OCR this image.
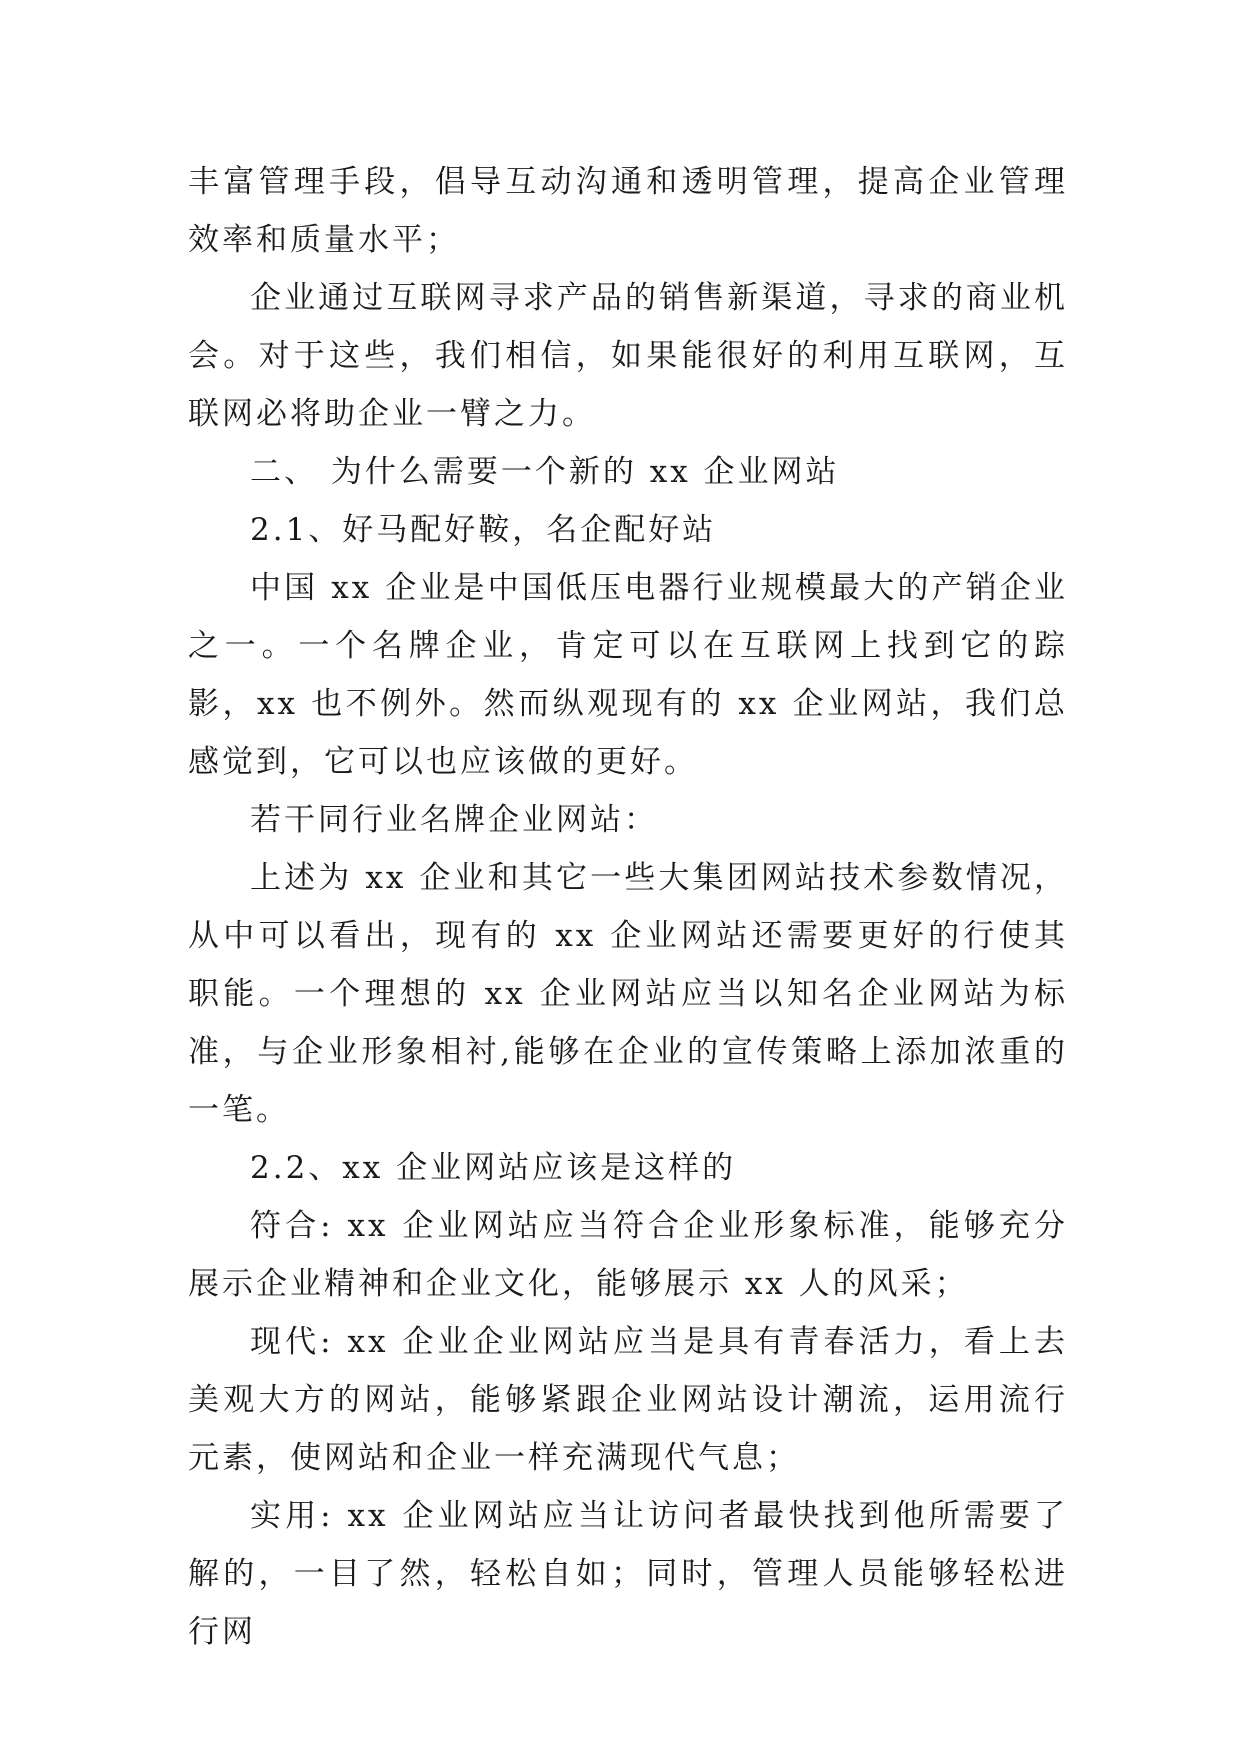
丰富管理手段，倡导互动沟通和透明管理，提高企业管理效率和质量水平；

企业通过互联网寻求产品的销售新渠道，寻求的商业机会。对于这些，我们相信，如果能很好的利用互联网，互联网必将助企业一臂之力。

二、 为什么需要一个新的 xx 企业网站

2.1、好马配好鞍，名企配好站

中国 xx 企业是中国低压电器行业规模最大的产销企业之一。一个名牌企业，肯定可以在互联网上找到它的踪影，xx 也不例外。然而纵观现有的 xx 企业网站，我们总感觉到，它可以也应该做的更好。

若干同行业名牌企业网站：

上述为 xx 企业和其它一些大集团网站技术参数情况，从中可以看出，现有的 xx 企业网站还需要更好的行使其职能。一个理想的 xx 企业网站应当以知名企业网站为标准，与企业形象相衬,能够在企业的宣传策略上添加浓重的一笔。

2.2、xx 企业网站应该是这样的

符合: xx 企业网站应当符合企业形象标准，能够充分展示企业精神和企业文化，能够展示 xx 人的风采；

现代: xx 企业企业网站应当是具有青春活力，看上去美观大方的网站，能够紧跟企业网站设计潮流，运用流行元素，使网站和企业一样充满现代气息；

实用: xx 企业网站应当让访问者最快找到他所需要了解的，一目了然，轻松自如；同时，管理人员能够轻松进行网
